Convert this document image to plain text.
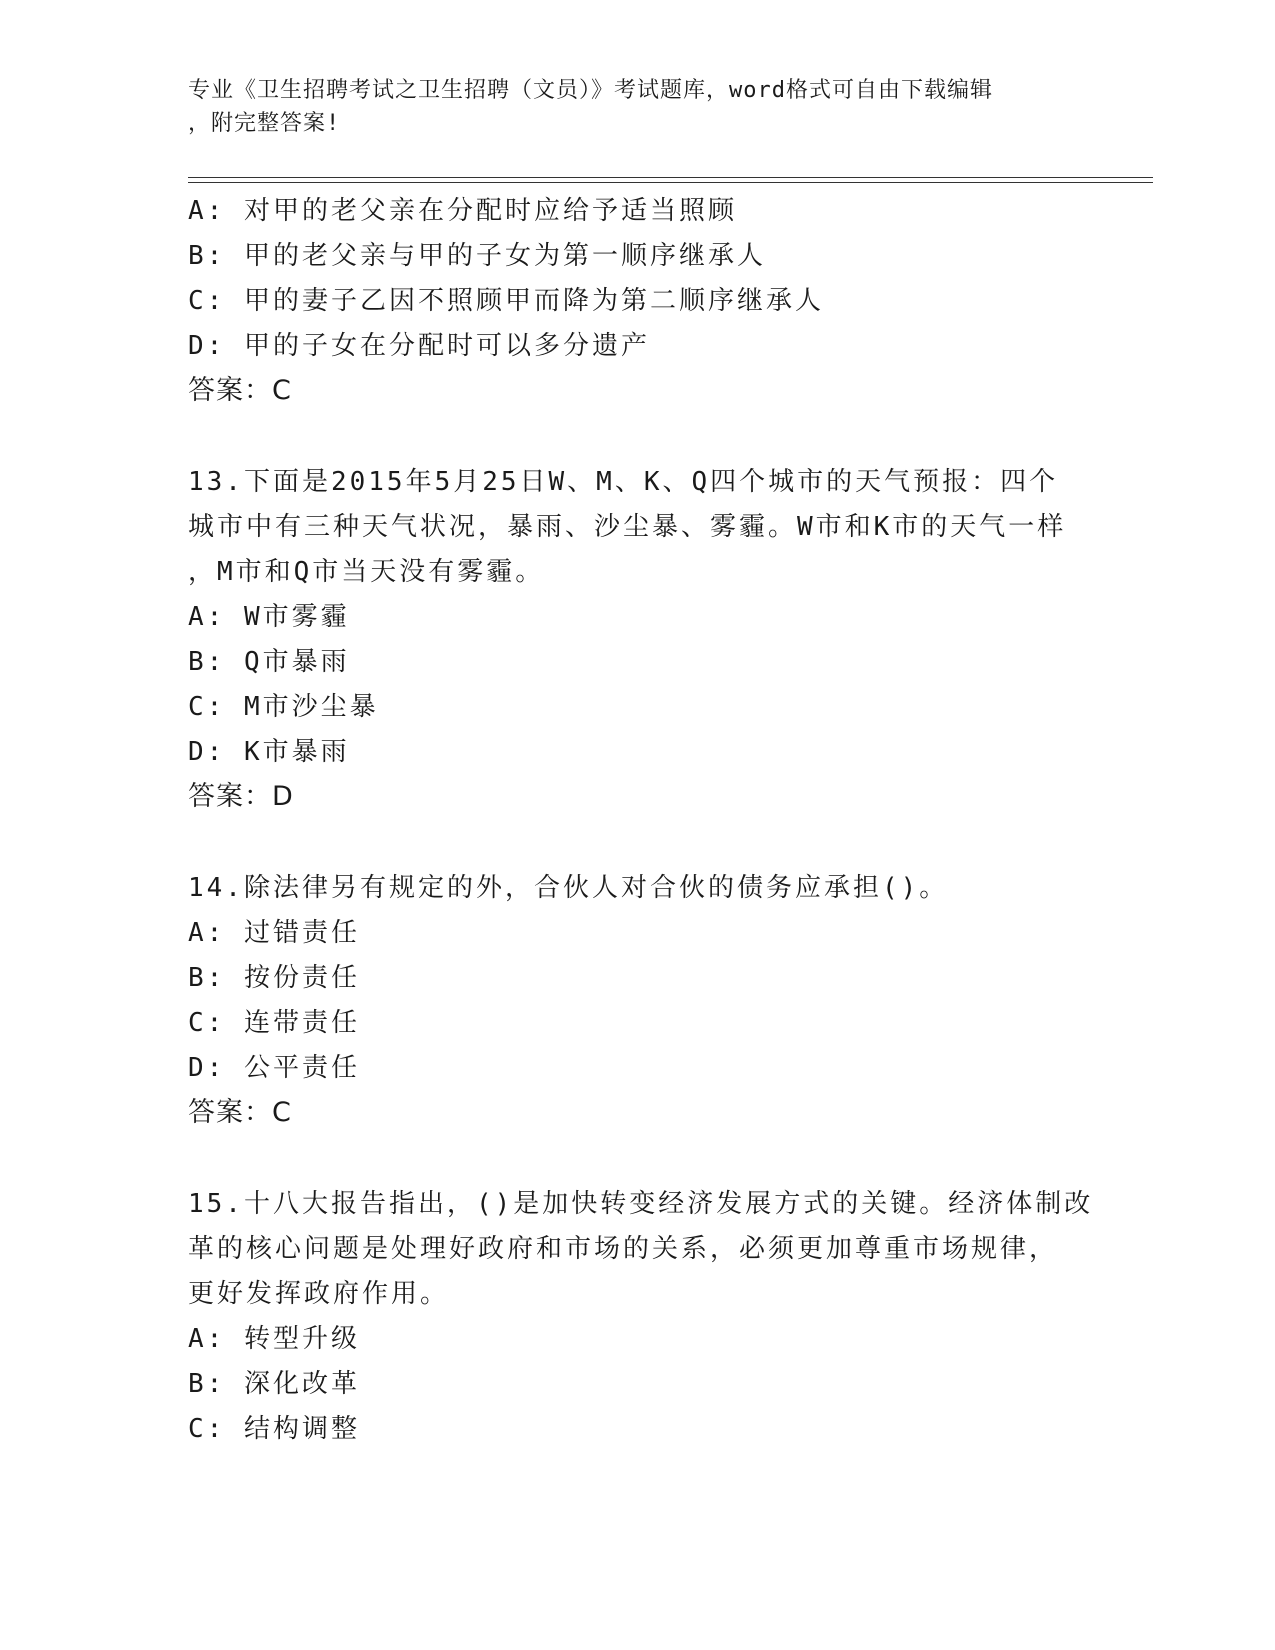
专业《卫生招聘考试之卫生招聘（文员）》考试题库，word格式可自由下载编辑
，附完整答案!
A: 对甲的老父亲在分配时应给予适当照顾
B: 甲的老父亲与甲的子女为第一顺序继承人
C: 甲的妻子乙因不照顾甲而降为第二顺序继承人
D: 甲的子女在分配时可以多分遗产
答案：C
13.下面是2015年5月25日W、M、K、Q四个城市的天气预报：四个
城市中有三种天气状况，暴雨、沙尘暴、雾霾。W市和K市的天气一样
，M市和Q市当天没有雾霾。
A: W市雾霾
B: Q市暴雨
C: M市沙尘暴
D: K市暴雨
答案：D
14.除法律另有规定的外，合伙人对合伙的债务应承担()。
A: 过错责任
B: 按份责任
C: 连带责任
D: 公平责任
答案：C
15.十八大报告指出，()是加快转变经济发展方式的关键。经济体制改
革的核心问题是处理好政府和市场的关系，必须更加尊重市场规律，
更好发挥政府作用。
A: 转型升级
B: 深化改革
C: 结构调整
